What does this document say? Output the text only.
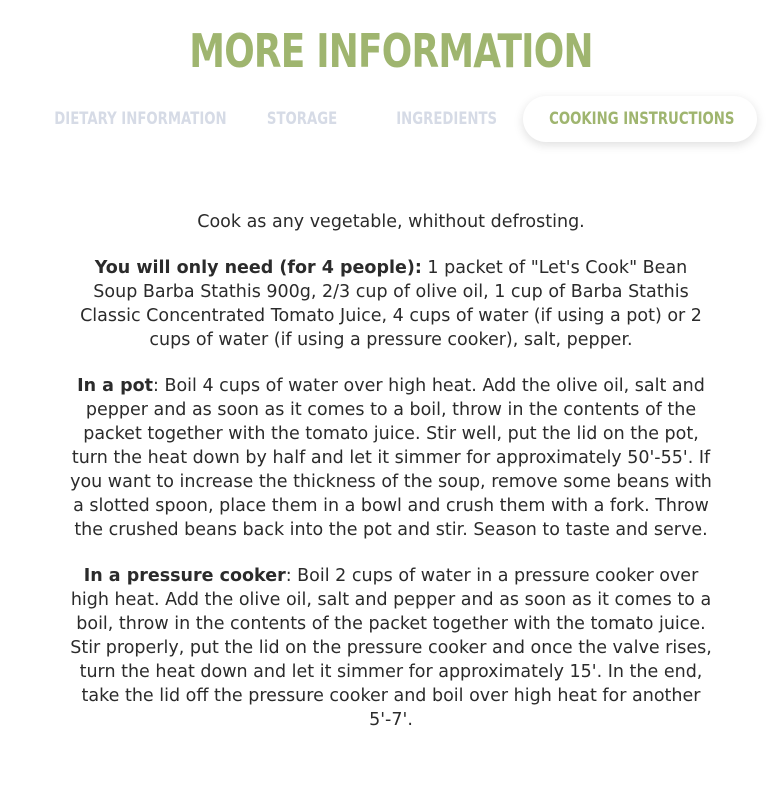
MORE INFORMATION
DIETARY INFORMATION	STORAGE	INGREDIENTS	COOKING INSTRUCTIONS

Cook as any vegetable, whithout defrosting.

You will only need (for 4 people): 1 packet of "Let's Cook" Bean Soup Barba Stathis 900g, 2/3 cup of olive oil, 1 cup of Barba Stathis Classic Concentrated Tomato Juice, 4 cups of water (if using a pot) or 2 cups of water (if using a pressure cooker), salt, pepper.

In a pot: Boil 4 cups of water over high heat. Add the olive oil, salt and pepper and as soon as it comes to a boil, throw in the contents of the packet together with the tomato juice. Stir well, put the lid on the pot, turn the heat down by half and let it simmer for approximately 50'-55'. If you want to increase the thickness of the soup, remove some beans with a slotted spoon, place them in a bowl and crush them with a fork. Throw the crushed beans back into the pot and stir. Season to taste and serve.

In a pressure cooker: Boil 2 cups of water in a pressure cooker over high heat. Add the olive oil, salt and pepper and as soon as it comes to a boil, throw in the contents of the packet together with the tomato juice. Stir properly, put the lid on the pressure cooker and once the valve rises, turn the heat down and let it simmer for approximately 15'. In the end, take the lid off the pressure cooker and boil over high heat for another 5'-7'.
